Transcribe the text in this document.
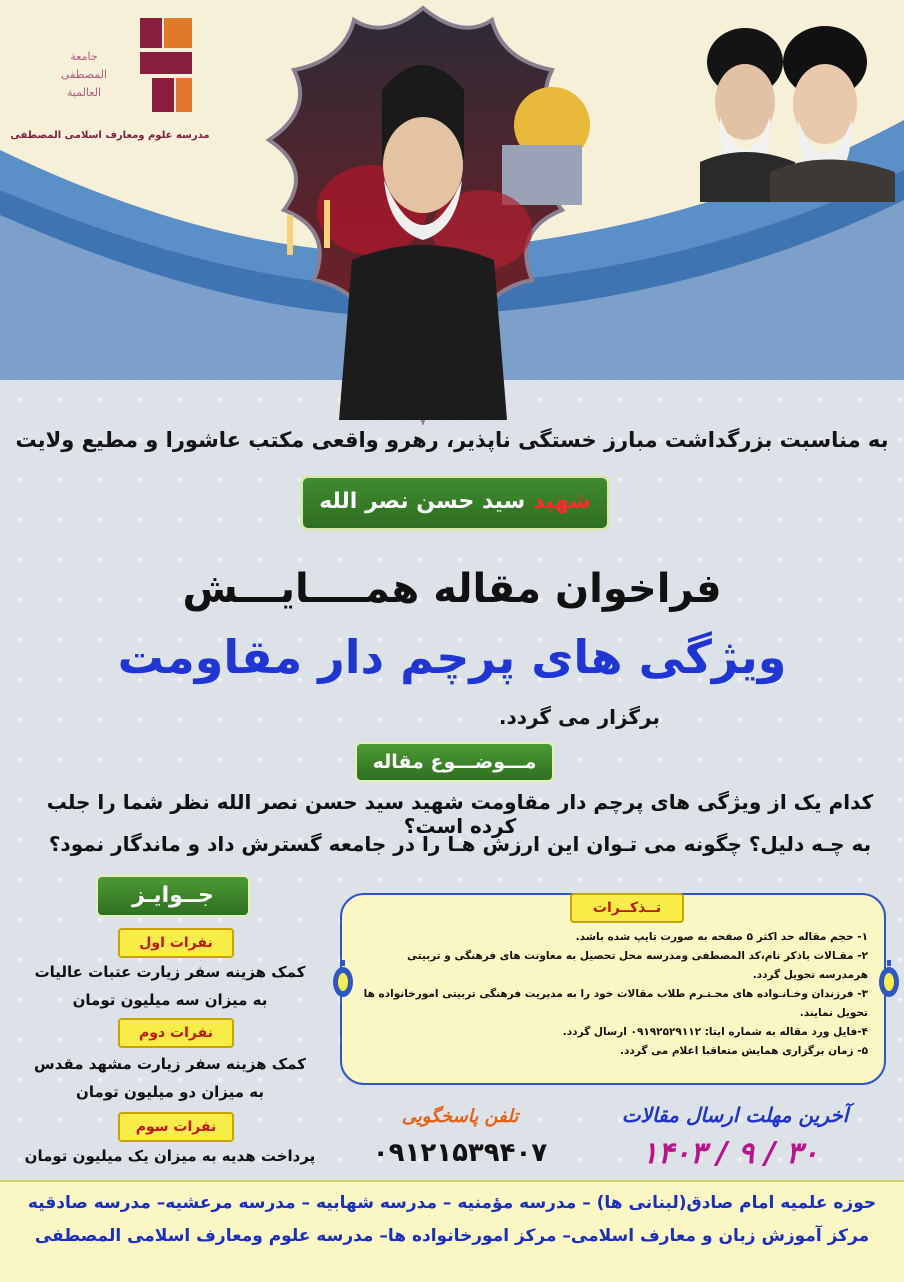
جامعة
المصطفی
العالمیة
مدرسه علوم ومعارف اسلامی المصطفی
به مناسبت بزرگداشت مبارز خستگی ناپذیر، رهرو واقعی مکتب عاشورا و مطیع ولایت
شهید سید حسن نصر الله
فراخوان مقاله همــــایـــش
ویژگی های پرچم دار مقاومت
برگزار می گردد.
مـــوضـــوع مقاله
کدام یک از ویژگی های پرچم دار مقاومت شهید سید حسن نصر الله نظر شما را جلب کرده است؟
به چـه دلیل؟ چگونه می تـوان این ارزش هـا را در جامعه گسترش داد و ماندگار نمود؟
جــوایـز
نفرات اول
کمک هزینه سفر زیارت عتبات عالیات
به میزان سه میلیون تومان
نفرات دوم
کمک هزینه سفر زیارت مشهد مقدس
به میزان دو میلیون تومان
نفرات سوم
پرداخت هدیه به میزان یک میلیون تومان
تــذکــرات
۱- حجم مقاله حد اکثر ۵ صفحه به صورت تایپ شده باشد.
۲- مقـالات باذکر نام،کد المصطفی ومدرسه محل تحصیل به معاونت های فرهنگی و تربیتی هرمدرسه تحویل گردد.
۳- فرزندان وخـانـواده های محـتـرم طلاب مقالات خود را به مدیریت فرهنگی تربیتی امورخانواده ها تحویل نمایند.
۴-فایل ورد مقاله به شماره ایتا: ۰۹۱۹۲۵۲۹۱۱۲ ارسال گردد.
۵- زمان برگزاری همایش متعاقبا اعلام می گردد.
آخرین مهلت ارسال مقالات
۱۴۰۳ / ۹ / ۳۰
تلفن پاسخگویی
۰۹۱۲۱۵۳۹۴۰۷
حوزه علمیه امام صادق(لبنانی ها) – مدرسه مؤمنیه – مدرسه شهابیه – مدرسه مرعشیه– مدرسه صادقیه
مرکز آموزش زبان و معارف اسلامی– مرکز امورخانواده ها– مدرسه علوم ومعارف اسلامی المصطفی
